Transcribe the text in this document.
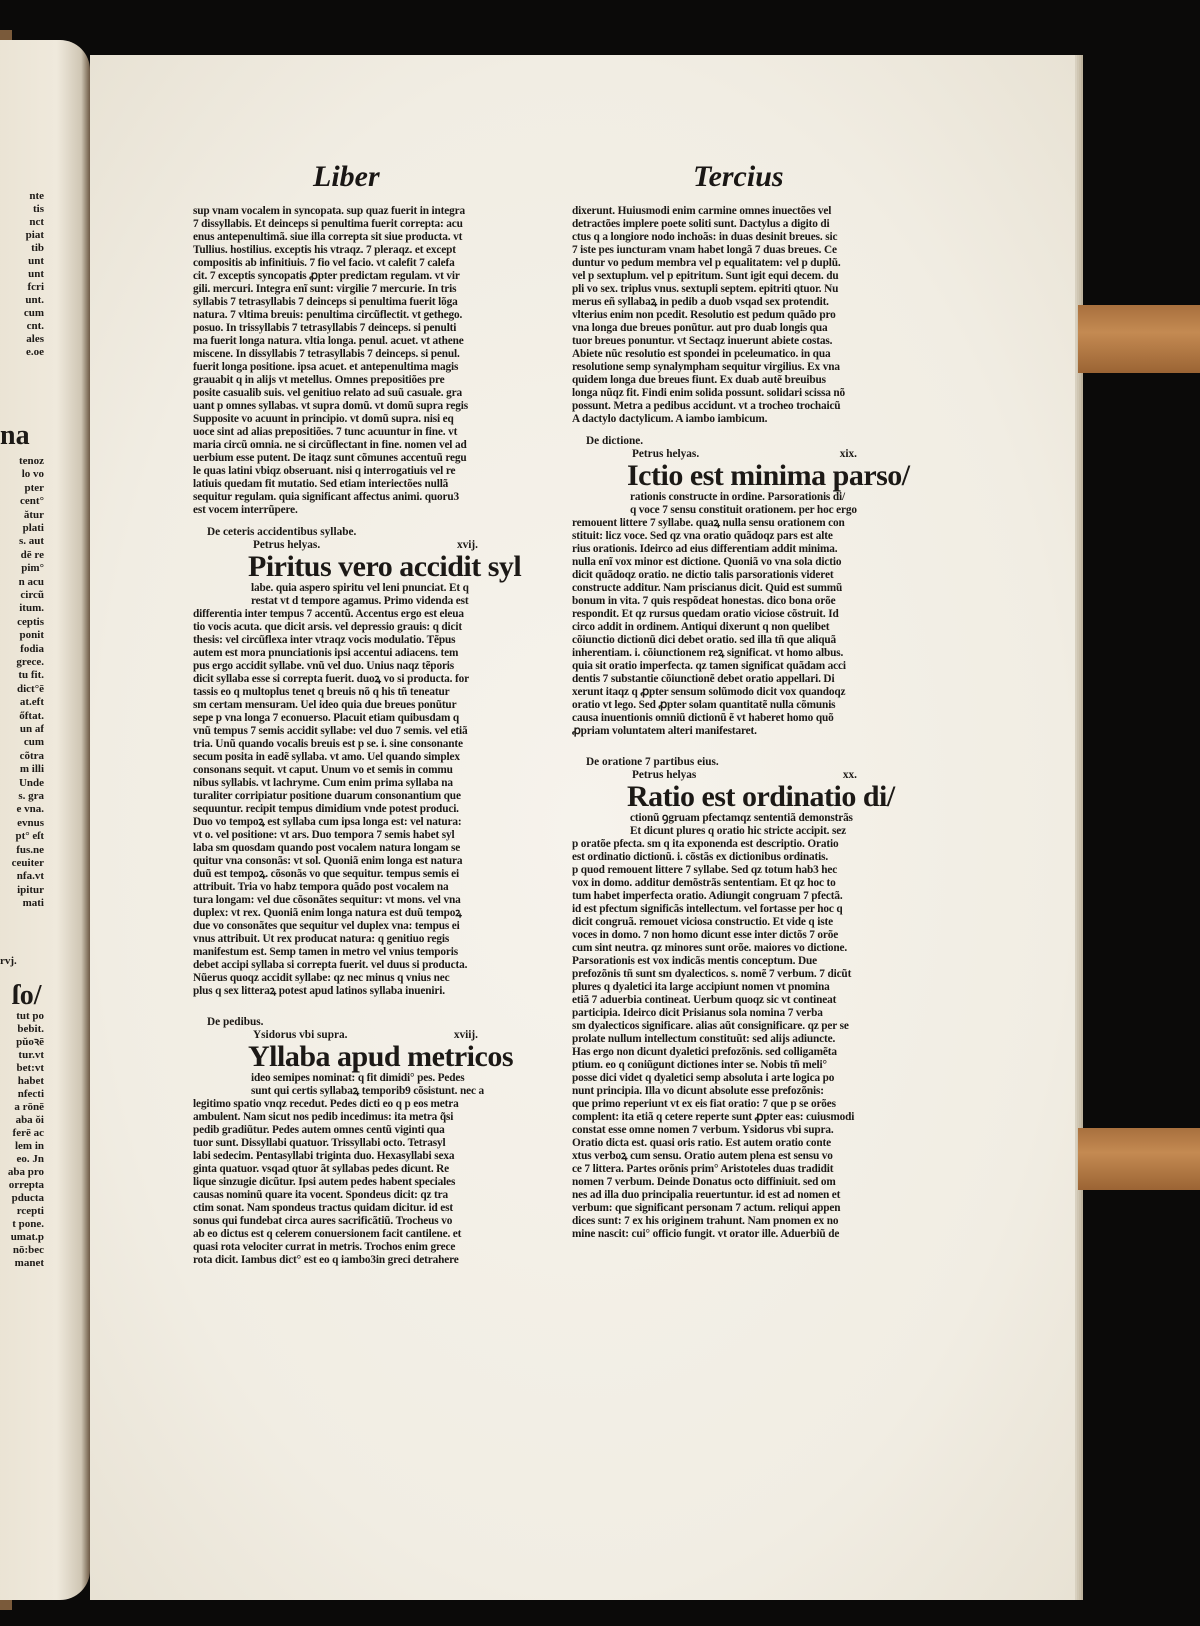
nte
tis
nct
piat
tib
unt
unt
fcri
unt.
cum
cnt.
ales
e.oe
tenoz
lo vo
pter
cent°
ătur
plati
s. aut
dē re
pim°
n acu
circũ
itum.
ceptis
ponit
fodia
grece.
tu fit.
dict°ē
at.eft
őftat.
un af
cum
cõtra
m illi
Unde
s. gra
e vna.
evnus
pt° eſt
fus.ne
ceuiter
nfa.vt
ipitur
mati
tut po
bebit.
pŭoꝛē
tur.vt
bet:vt
habet
nfecti
a rōnē
aba ŏi
ferē ac
lem in
eo. Jn
aba pro
orrepta
pducta
rcepti
t pone.
umat.p
nō:bec
manet
na
ſo/
rvj.
Liber	Tercius
sup vnam vocalem in syncopata. sup quaz fuerit in integra
7 dissyllabis. Et deinceps si penultima fuerit correpta: acu
enus antepenultimã. siue illa correpta sit siue producta. vt
Tullius. hostilius. exceptis his vtraqz. 7 pleraqz. et except
compositis ab infinitiuis. 7 fio vel facio. vt calefit 7 calefa
cit. 7 exceptis syncopatis ꝓpter predictam regulam. vt vir
gili. mercuri. Integra enĩ sunt: virgilie 7 mercurie. In tris
syllabis 7 tetrasyllabis 7 deinceps si penultima fuerit lõga
natura. 7 vltima breuis: penultima circũflectit. vt gethego.
posuo. In trissyllabis 7 tetrasyllabis 7 deinceps. si penulti
ma fuerit longa natura. vltia longa. penul. acuet. vt athene
miscene. In dissyllabis 7 tetrasyllabis 7 deinceps. si penul.
fuerit longa positione. ipsa acuet. et antepenultima magis
grauabit q in alijs vt metellus. Omnes prepositiões pre
posite casualib suis. vel genitiuo relato ad suũ casuale. gra
uant p omnes syllabas. vt supra domũ. vt domũ supra regis
Supposite vo acuunt in principio. vt domũ supra. nisi eq
uoce sint ad alias prepositiões. 7 tunc acuuntur in fine. vt
maria circũ omnia. ne si circũflectant in fine. nomen vel ad
uerbium esse putent. De itaqz sunt cõmunes accentuũ regu
le quas latini vbiqz obseruant. nisi q interrogatiuis vel re
latiuis quedam fit mutatio. Sed etiam interiectões nullã
sequitur regulam. quia significant affectus animi. quoru3
est vocem interrũpere.
De ceteris accidentibus syllabe.
Petrus helyas.	xvij.
Piritus vero accidit syl
labe. quia aspero spiritu vel leni pnunciat. Et q
restat vt d tempore agamus. Primo videnda est
differentia inter tempus 7 accentũ. Accentus ergo est eleua
tio vocis acuta. que dicit arsis. vel depressio grauis: q dicit
thesis: vel circũflexa inter vtraqz vocis modulatio. Tẽpus
autem est mora pnunciationis ipsi accentui adiacens. tem
pus ergo accidit syllabe. vnũ vel duo. Unius naqz tẽporis
dicit syllaba esse si correpta fuerit. duoꝝ vo si producta. for
tassis eo q multoplus tenet q breuis nõ q his tñ teneatur
sm certam mensuram. Uel ideo quia due breues ponũtur
sepe p vna longa 7 econuerso. Placuit etiam quibusdam q
vnũ tempus 7 semis accidit syllabe: vel duo 7 semis. vel etiã
tria. Unũ quando vocalis breuis est p se. i. sine consonante
secum posita in eadẽ syllaba. vt amo. Uel quando simplex
consonans sequit. vt caput. Unum vo et semis in commu
nibus syllabis. vt lachryme. Cum enim prima syllaba na
turaliter corripiatur positione duarum consonantium que
sequuntur. recipit tempus dimidium vnde potest produci.
Duo vo tempoꝝ est syllaba cum ipsa longa est: vel natura:
vt o. vel positione: vt ars. Duo tempora 7 semis habet syl
laba sm quosdam quando post vocalem natura longam se
quitur vna consonãs: vt sol. Quoniã enim longa est natura
duũ est tempoꝝ. cõsonãs vo que sequitur. tempus semis ei
attribuit. Tria vo habz tempora quãdo post vocalem na
tura longam: vel due cõsonãtes sequitur: vt mons. vel vna
duplex: vt rex. Quoniã enim longa natura est duũ tempoꝝ
due vo consonãtes que sequitur vel duplex vna: tempus ei
vnus attribuit. Ut rex producat natura: q genitiuo regis
manifestum est. Semp tamen in metro vel vnius temporis
debet accipi syllaba si correpta fuerit. vel duus si producta.
Nũerus quoqz accidit syllabe: qz nec minus q vnius nec
plus q sex litteraꝝ potest apud latinos syllaba inueniri.
De pedibus.
Ysidorus vbi supra.	xviij.
Yllaba apud metricos
ideo semipes nominat: q fit dimidi° pes. Pedes
sunt qui certis syllabaꝝ temporib9 cõsistunt. nec a
legitimo spatio vnqz recedut. Pedes dicti eo q p eos metra
ambulent. Nam sicut nos pedib incedimus: ita metra q̃si
pedib gradiũtur. Pedes autem omnes centũ viginti qua
tuor sunt. Dissyllabi quatuor. Trissyllabi octo. Tetrasyl
labi sedecim. Pentasyllabi triginta duo. Hexasyllabi sexa
ginta quatuor. vsqad qtuor ãt syllabas pedes dicunt. Re
lique sinzugie dicũtur. Ipsi autem pedes habent speciales
causas nominũ quare ita vocent. Spondeus dicit: qz tra
ctim sonat. Nam spondeus tractus quidam dicitur. id est
sonus qui fundebat circa aures sacrificãtiũ. Trocheus vo
ab eo dictus est q celerem conuersionem facit cantilene. et
quasi rota velociter currat in metris. Trochos enim grece
rota dicit. Iambus dict° est eo q iambo3in greci detrahere
dixerunt. Huiusmodi enim carmine omnes inuectões vel
detractões implere poete soliti sunt. Dactylus a digito di
ctus q a longiore nodo inchoãs: in duas desinit breues. sic
7 iste pes iuncturam vnam habet longã 7 duas breues. Ce
duntur vo pedum membra vel p equalitatem: vel p duplũ.
vel p sextuplum. vel p epitritum. Sunt igit equi decem. du
pli vo sex. triplus vnus. sextupli septem. epitriti qtuor. Nu
merus eñ syllabaꝝ in pedib a duob vsqad sex protendit.
vlterius enim non pcedit. Resolutio est pedum quãdo pro
vna longa due breues ponũtur. aut pro duab longis qua
tuor breues ponuntur. vt Sectaqz inuerunt abiete costas.
Abiete nũc resolutio est spondei in pceleumatico. in qua
resolutione semp synalympham sequitur virgilius. Ex vna
quidem longa due breues fiunt. Ex duab autẽ breuibus
longa nũqz fit. Findi enim solida possunt. solidari scissa nõ
possunt. Metra a pedibus accidunt. vt a trocheo trochaicũ
A dactylo dactylicum. A iambo iambicum.
De dictione.
Petrus helyas.	xix.
Ictio est minima parso/
rationis constructe in ordine. Parsorationis di/
q voce 7 sensu constituit orationem. per hoc ergo
remouent littere 7 syllabe. quaꝝ nulla sensu orationem con
stituit: licz voce. Sed qz vna oratio quãdoqz pars est alte
rius orationis. Ideirco ad eius differentiam addit minima.
nulla enĩ vox minor est dictione. Quoniã vo vna sola dictio
dicit quãdoqz oratio. ne dictio talis parsorationis videret
constructe additur. Nam priscianus dicit. Quid est summũ
bonum in vita. 7 quis respõdeat honestas. dico bona orõe
respondit. Et qz rursus quedam oratio viciose cõstruit. Id
circo addit in ordinem. Antiqui dixerunt q non quelibet
cõiunctio dictionũ dici debet oratio. sed illa tñ que aliquã
inherentiam. i. cõiunctionem reꝝ significat. vt homo albus.
quia sit oratio imperfecta. qz tamen significat quãdam acci
dentis 7 substantie cõiunctionẽ debet oratio appellari. Di
xerunt itaqz q ꝓpter sensum solũmodo dicit vox quandoqz
oratio vt lego. Sed ꝓpter solam quantitatẽ nulla cõmunis
causa inuentionis omniũ dictionũ ẽ vt haberet homo quõ
ꝓpriam voluntatem alteri manifestaret.
De oratione 7 partibus eius.
Petrus helyas	xx.
Ratio est ordinatio di/
ctionũ ꝯgruam pfectamqz sententiã demonstrãs
Et dicunt plures q oratio hic stricte accipit. sez
p oratõe pfecta. sm q ita exponenda est descriptio. Oratio
est ordinatio dictionũ. i. cõstãs ex dictionibus ordinatis.
p quod remouent littere 7 syllabe. Sed qz totum hab3 hec
vox in domo. additur demõstrãs sententiam. Et qz hoc to
tum habet imperfecta oratio. Adiungit congruam 7 pfectã.
id est pfectum significãs intellectum. vel fortasse per hoc q
dicit congruã. remouet viciosa constructio. Et vide q iste
voces in domo. 7 non homo dicunt esse inter dictõs 7 orõe
cum sint neutra. qz minores sunt orõe. maiores vo dictione.
Parsorationis est vox indicãs mentis conceptum. Due
prefozõnis tñ sunt sm dyalecticos. s. nomẽ 7 verbum. 7 dicũt
plures q dyaletici ita large accipiunt nomen vt pnomina
etiã 7 aduerbia contineat. Uerbum quoqz sic vt contineat
participia. Ideirco dicit Prisianus sola nomina 7 verba
sm dyalecticos significare. alias aũt consignificare. qz per se
prolate nullum intellectum constituũt: sed alijs adiuncte.
Has ergo non dicunt dyaletici prefozõnis. sed colligamẽta
ptium. eo q coniũgunt dictiones inter se. Nobis tñ meli°
posse dici videt q dyaletici semp absoluta i arte logica po
nunt principia. Illa vo dicunt absolute esse prefozõnis:
que primo reperiunt vt ex eis fiat oratio: 7 que p se orões
complent: ita etiã q cetere reperte sunt ꝓpter eas: cuiusmodi
constat esse omne nomen 7 verbum. Ysidorus vbi supra.
Oratio dicta est. quasi oris ratio. Est autem oratio conte
xtus verboꝝ cum sensu. Oratio autem plena est sensu vo
ce 7 littera. Partes orõnis prim° Aristoteles duas tradidit
nomen 7 verbum. Deinde Donatus octo diffiniuit. sed om
nes ad illa duo principalia reuertuntur. id est ad nomen et
verbum: que significant personam 7 actum. reliqui appen
dices sunt: 7 ex his originem trahunt. Nam pnomen ex no
mine nascit: cui° officio fungit. vt orator ille. Aduerbiũ de
